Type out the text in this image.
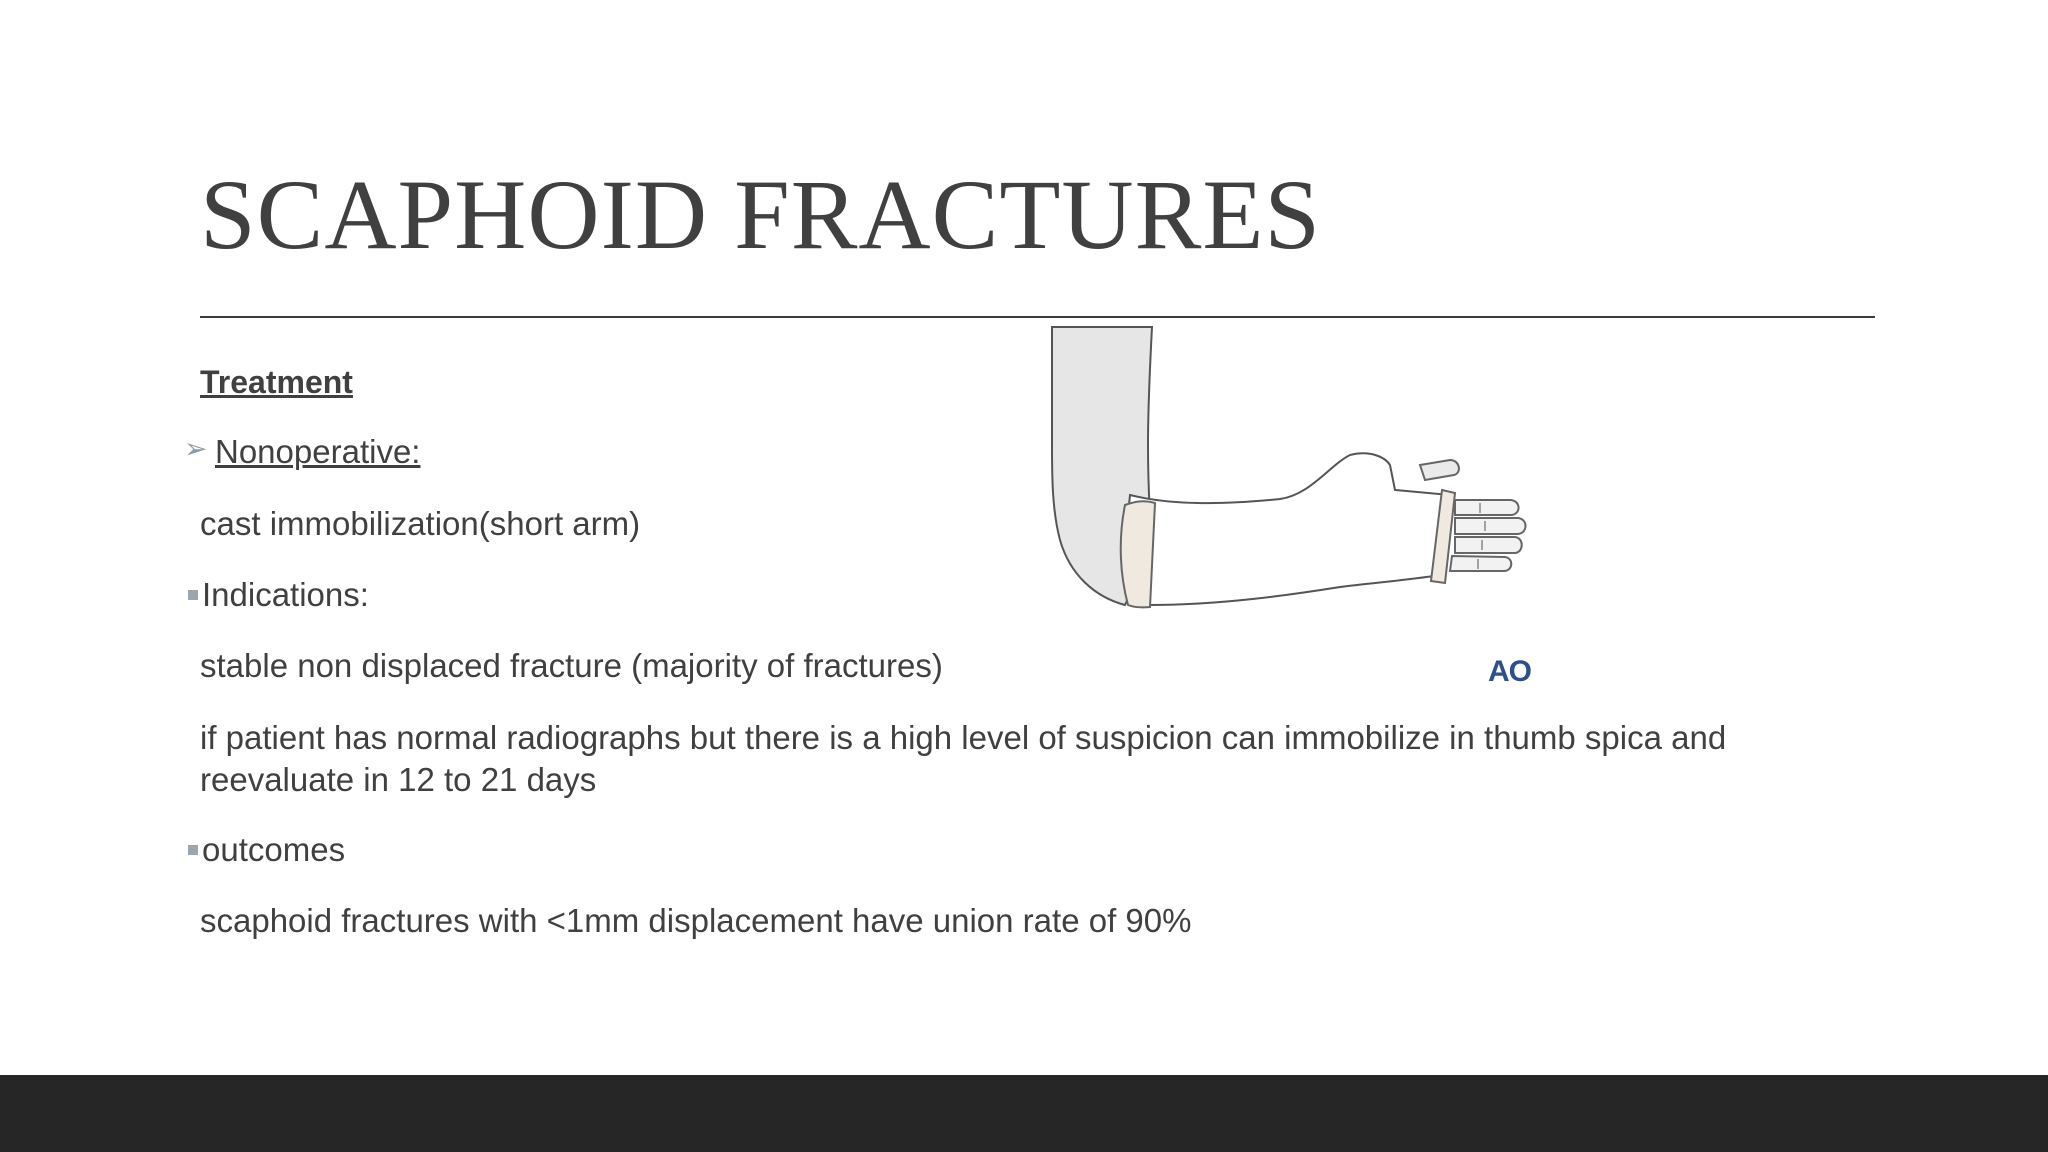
SCAPHOID FRACTURES
Treatment
➢ Nonoperative:
cast immobilization(short arm)
Indications:
stable non displaced fracture (majority of fractures)
if patient has normal radiographs but there is a high level of suspicion can immobilize in thumb spica and
reevaluate in 12 to 21 days
outcomes
scaphoid fractures with <1mm displacement have union rate of 90%
AO
